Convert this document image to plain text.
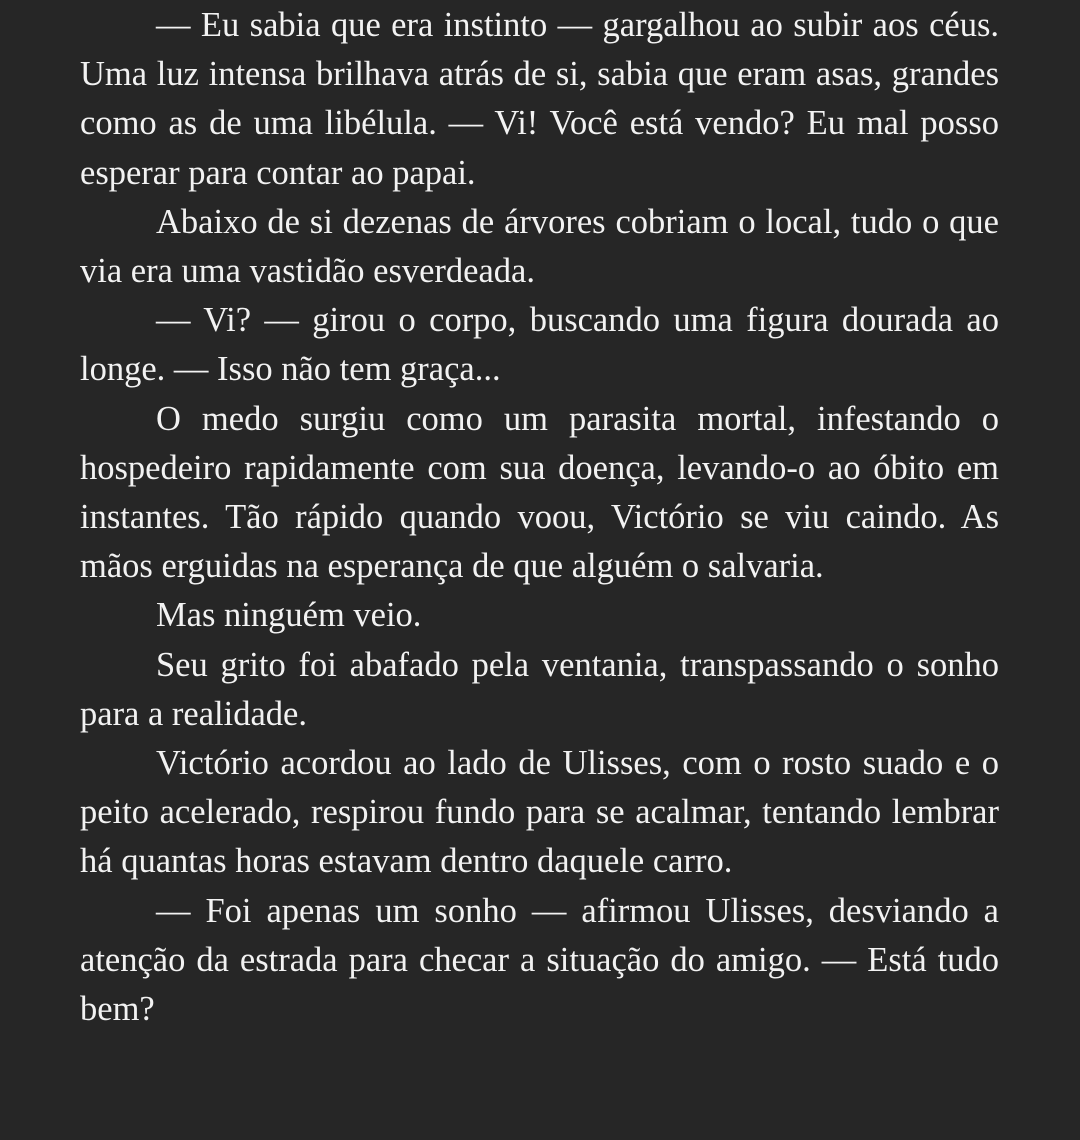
— Eu sabia que era instinto — gargalhou ao subir aos céus. Uma luz intensa brilhava atrás de si, sabia que eram asas, grandes como as de uma libélula. — Vi! Você está vendo? Eu mal posso esperar para contar ao papai.

Abaixo de si dezenas de árvores cobriam o local, tudo o que via era uma vastidão esverdeada.

— Vi? — girou o corpo, buscando uma figura dourada ao longe. — Isso não tem graça...

O medo surgiu como um parasita mortal, infestando o hospedeiro rapidamente com sua doença, levando-o ao óbito em instantes. Tão rápido quando voou, Victório se viu caindo. As mãos erguidas na esperança de que alguém o salvaria.

Mas ninguém veio.

Seu grito foi abafado pela ventania, transpassando o sonho para a realidade.

Victório acordou ao lado de Ulisses, com o rosto suado e o peito acelerado, respirou fundo para se acalmar, tentando lembrar há quantas horas estavam dentro daquele carro.

— Foi apenas um sonho — afirmou Ulisses, desviando a atenção da estrada para checar a situação do amigo. — Está tudo bem?
